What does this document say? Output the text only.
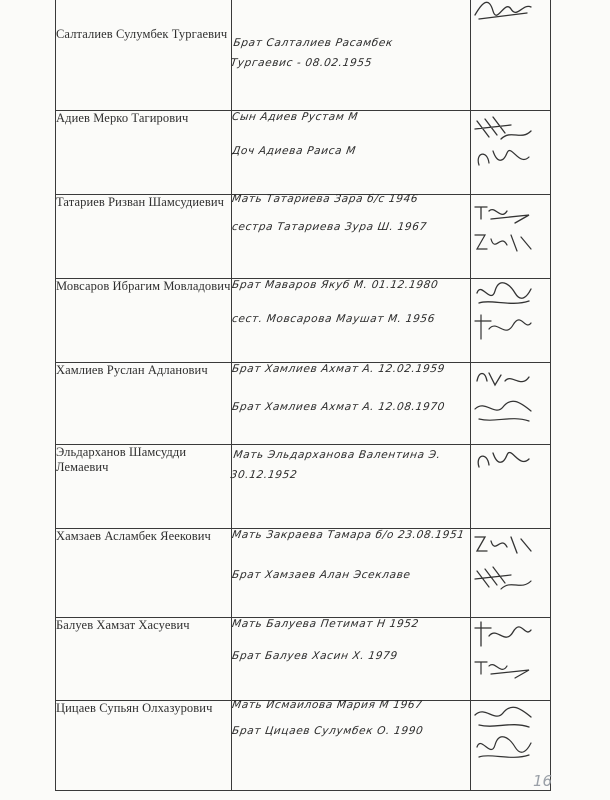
Салталиев Сулумбек Тургаевич	Брат Салталиев Расамбек Тургаевис - 08.02.1955

Адиев Мерко Тагирович	Сын Адиев Рустам М
Доч Адиева Раиса М

Татариев Ризван Шамсудиевич	Мать Татариева Зара б/с 1946
сестра Татариева Зура Ш. 1967

Мовсаров Ибрагим Мовладович	Брат Маваров Якуб М. 01.12.1980
сест. Мовсарова Маушат М. 1956

Хамлиев Руслан Адланович	Брат Хамлиев Ахмат А. 12.02.1959
Брат Хамлиев Ахмат А. 12.08.1970

Эльдарханов Шамсудди Лемаевич	Мать Эльдарханова Валентина Э. 30.12.1952

Хамзаев Асламбек Яеекович	Мать Закраева Тамара б/о 23.08.1951
Брат Хамзаев Алан Эсеклаве

Балуев Хамзат Хасуевич	Мать Балуева Петимат Н 1952
Брат Балуев Хасин Х. 1979

Цицаев Супьян Олхазурович	Мать Исмаилова Мария М 1967
Брат Цицаев Сулумбек О. 1990

16
